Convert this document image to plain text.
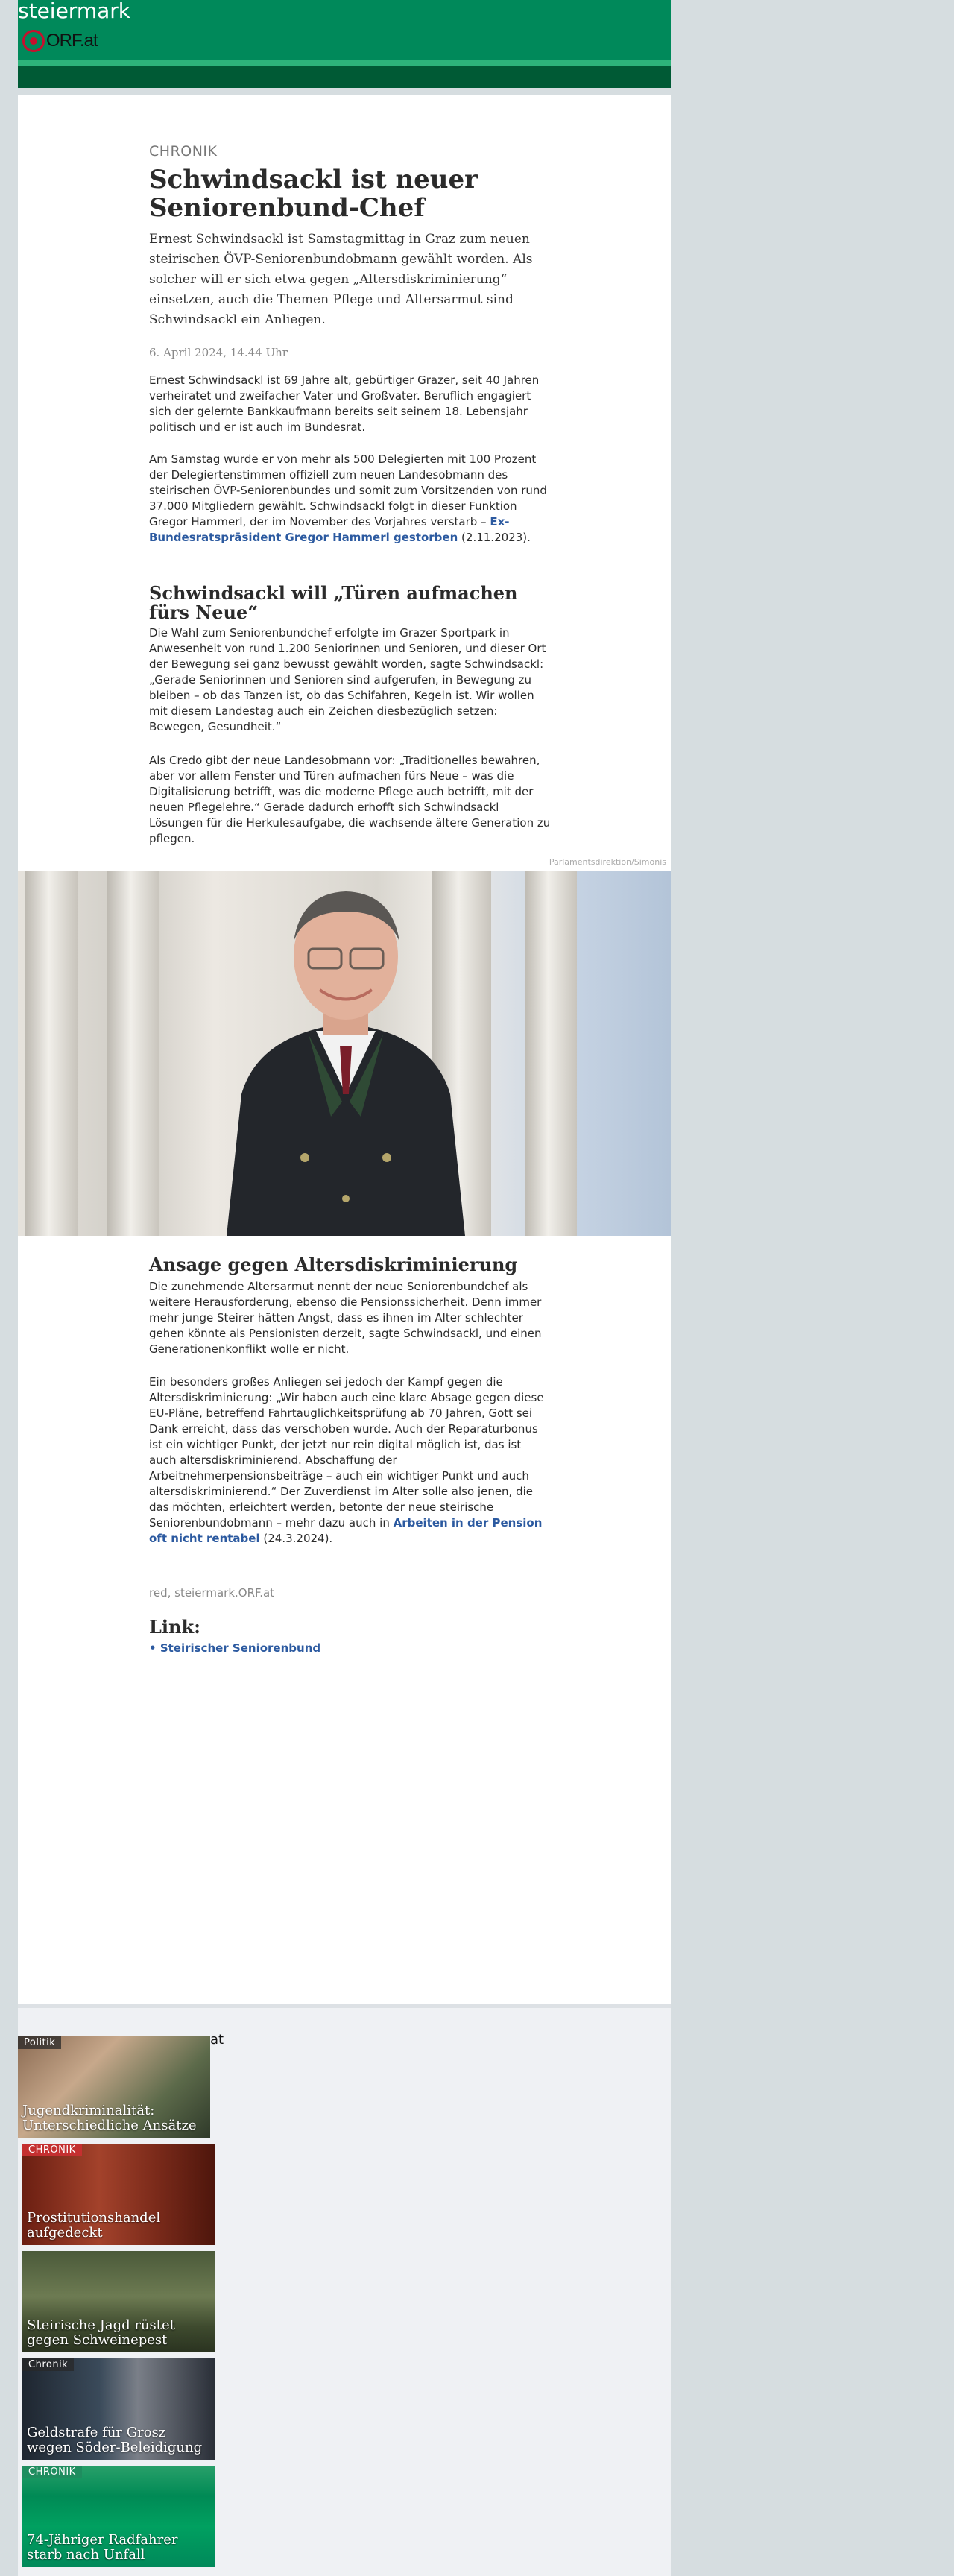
steiermark
ORF.at
CHRONIK
Schwindsackl ist neuer Seniorenbund-Chef

Ernest Schwindsackl ist Samstagmittag in Graz zum neuen steirischen ÖVP-Seniorenbundobmann gewählt worden. Als solcher will er sich etwa gegen „Altersdiskriminierung“ einsetzen, auch die Themen Pflege und Altersarmut sind Schwindsackl ein Anliegen.

6. April 2024, 14.44 Uhr

Ernest Schwindsackl ist 69 Jahre alt, gebürtiger Grazer, seit 40 Jahren verheiratet und zweifacher Vater und Großvater. Beruflich engagiert sich der gelernte Bankkaufmann bereits seit seinem 18. Lebensjahr politisch und er ist auch im Bundesrat.

Am Samstag wurde er von mehr als 500 Delegierten mit 100 Prozent der Delegiertenstimmen offiziell zum neuen Landesobmann des steirischen ÖVP-Seniorenbundes und somit zum Vorsitzenden von rund 37.000 Mitgliedern gewählt. Schwindsackl folgt in dieser Funktion Gregor Hammerl, der im November des Vorjahres verstarb – Ex-Bundesratspräsident Gregor Hammerl gestorben (2.11.2023).

Schwindsackl will „Türen aufmachen fürs Neue“

Die Wahl zum Seniorenbundchef erfolgte im Grazer Sportpark in Anwesenheit von rund 1.200 Seniorinnen und Senioren, und dieser Ort der Bewegung sei ganz bewusst gewählt worden, sagte Schwindsackl: „Gerade Seniorinnen und Senioren sind aufgerufen, in Bewegung zu bleiben – ob das Tanzen ist, ob das Schifahren, Kegeln ist. Wir wollen mit diesem Landestag auch ein Zeichen diesbezüglich setzen: Bewegen, Gesundheit.“

Als Credo gibt der neue Landesobmann vor: „Traditionelles bewahren, aber vor allem Fenster und Türen aufmachen fürs Neue – was die Digitalisierung betrifft, was die moderne Pflege auch betrifft, mit der neuen Pflegelehre.“ Gerade dadurch erhofft sich Schwindsackl Lösungen für die Herkulesaufgabe, die wachsende ältere Generation zu pflegen.

Parlamentsdirektion/Simonis
Ansage gegen Altersdiskriminierung

Die zunehmende Altersarmut nennt der neue Seniorenbundchef als weitere Herausforderung, ebenso die Pensionssicherheit. Denn immer mehr junge Steirer hätten Angst, dass es ihnen im Alter schlechter gehen könnte als Pensionisten derzeit, sagte Schwindsackl, und einen Generationenkonflikt wolle er nicht.

Ein besonders großes Anliegen sei jedoch der Kampf gegen die Altersdiskriminierung: „Wir haben auch eine klare Absage gegen diese EU-Pläne, betreffend Fahrtauglichkeitsprüfung ab 70 Jahren, Gott sei Dank erreicht, dass das verschoben wurde. Auch der Reparaturbonus ist ein wichtiger Punkt, der jetzt nur rein digital möglich ist, das ist auch altersdiskriminierend. Abschaffung der Arbeitnehmerpensionsbeiträge – auch ein wichtiger Punkt und auch altersdiskriminierend.“ Der Zuverdienst im Alter solle also jenen, die das möchten, erleichtert werden, betonte der neue steirische Seniorenbundobmann – mehr dazu auch in Arbeiten in der Pension oft nicht rentabel (24.3.2024).

red, steiermark.ORF.at
Link:
• Steirischer Seniorenbund
at
Politik
Jugendkriminalität: Unterschiedliche Ansätze
CHRONIK
Prostitutionshandel aufgedeckt
Steirische Jagd rüstet gegen Schweinepest
Chronik
Geldstrafe für Grosz wegen Söder-Beleidigung
CHRONIK
74-Jähriger Radfahrer starb nach Unfall
